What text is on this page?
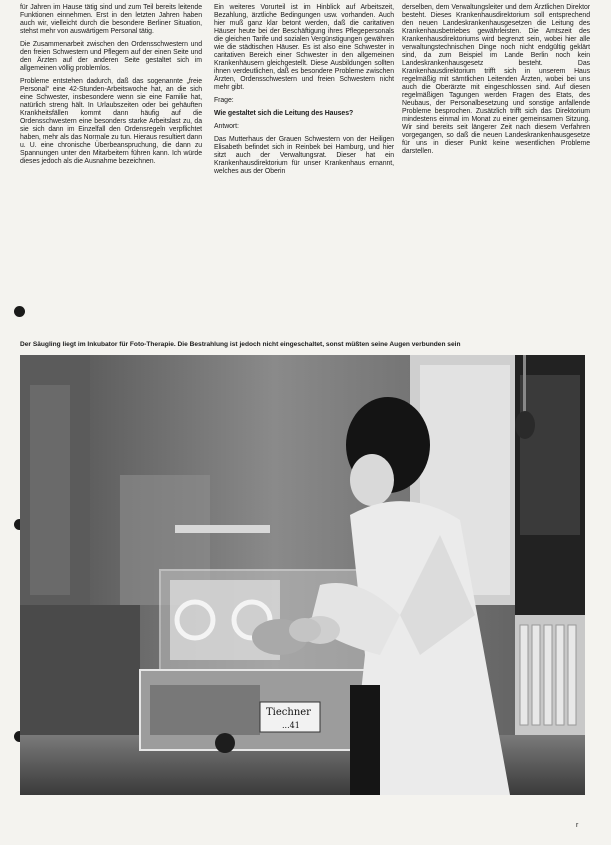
für Jahren im Hause tätig sind und zum Teil bereits leitende Funktionen einnehmen. Erst in den letzten Jahren haben auch wir, vielleicht durch die besondere Berliner Situation, stehst mehr von auswärtigem Personal tätig.

Die Zusammenarbeit zwischen den Ordensschwestern und den freien Schwestern und Pflegern auf der einen Seite und den Ärzten auf der anderen Seite gestaltet sich im allgemeinen völlig problemlos.

Probleme entstehen dadurch, daß das sogenannte „freie Personal“ eine 42-Stunden-Arbeitswoche hat, an die sich eine Schwester, insbesondere wenn sie eine Familie hat, natürlich streng hält. In Urlaubszeiten oder bei gehäuften Krankheitsfällen kommt dann häufig auf die Ordensschwestern eine besonders starke Arbeitslast zu, da sie sich dann im Einzelfall den Ordensregeln verpflichtet haben, mehr als das Normale zu tun. Hieraus resultiert dann u. U. eine chronische Überbeanspruchung, die dann zu Spannungen unter den Mitarbeitern führen kann. Ich würde dieses jedoch als die Ausnahme bezeichnen.

Ein weiteres Vorurteil ist im Hinblick auf Arbeitszeit, Bezahlung, ärztliche Bedingungen usw. vorhanden. Auch hier muß ganz klar betont werden, daß die caritativen Häuser heute bei der Beschäftigung ihres Pflegepersonals die gleichen Tarife und sozialen Vergünstigungen gewähren wie die städtischen Häuser. Es ist also eine Schwester in caritativen Bereich einer Schwester in den allgemeinen Krankenhäusern gleichgestellt. Diese Ausbildungen sollten ihnen verdeutlichen, daß es besondere Probleme zwischen Ärzten, Ordensschwestern und freien Schwestern nicht mehr gibt.

Frage:

Wie gestaltet sich die Leitung des Hauses?

Antwort:

Das Mutterhaus der Grauen Schwestern von der Heiligen Elisabeth befindet sich in Reinbek bei Hamburg, und hier sitzt auch der Verwaltungsrat. Dieser hat ein Krankenhausdirektorium für unser Krankenhaus ernannt, welches aus der Oberin

derselben, dem Verwaltungsleiter und dem Ärztlichen Direktor besteht. Dieses Krankenhausdirektorium soll entsprechend den neuen Landeskrankenhausgesetzen die Leitung des Krankenhausbetriebes gewährleisten. Die Amtszeit des Krankenhausdirektoriums wird begrenzt sein, wobei hier alle verwaltungstechnischen Dinge noch nicht endgültig geklärt sind, da zum Beispiel im Lande Berlin noch kein Landeskrankenhausgesetz besteht. Das Krankenhausdirektorium trifft sich in unserem Haus regelmäßig mit sämtlichen Leitenden Ärzten, wobei bei uns auch die Oberärzte mit eingeschlossen sind. Auf diesen regelmäßigen Tagungen werden Fragen des Etats, des Neubaus, der Personalbesetzung und sonstige anfallende Probleme besprochen. Zusätzlich trifft sich das Direktorium mindestens einmal im Monat zu einer gemeinsamen Sitzung. Wir sind bereits seit längerer Zeit nach diesem Verfahren vorgegangen, so daß die neuen Landeskrankenhausgesetze für uns in dieser Punkt keine wesentlichen Probleme darstellen.

Der Säugling liegt im Inkubator für Foto-Therapie. Die Bestrahlung ist jedoch nicht eingeschaltet, sonst müßten seine Augen verbunden sein
Tiechner
...41
r
